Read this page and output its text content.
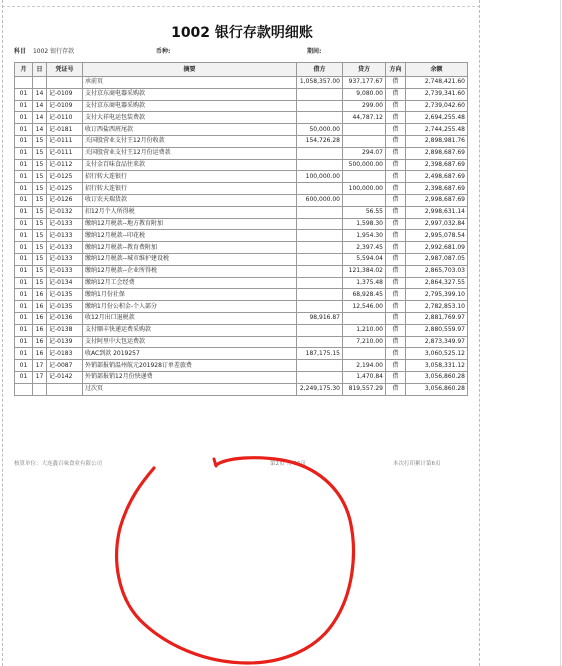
1002 银行存款明细账
科目 1002 银行存款	币种:	期间:
月	日	凭证号	摘要	借方	贷方	方向	余额
			承前页	1,058,357.00	937,177.67	借	2,748,421.60
01	14	记-0109	支付京东商电器采购款		9,080.00	借	2,739,341.60
01	14	记-0109	支付京东商电器采购款		299.00	借	2,739,042.60
01	14	记-0110	支付大祥电运包装费款		44,787.12	借	2,694,255.48
01	14	记-0181	收订西盐西班尾款	50,000.00		借	2,744,255.48
01	15	记-0111	关国股营业支付王12月份收款	154,726.28		借	2,898,981.76
01	15	记-0111	关国股营业支付王12月份运费款		294.07	借	2,898,687.69
01	15	记-0112	支付金百味食品往来款		500,000.00	借	2,398,687.69
01	15	记-0125	招行转大连银行	100,000.00		借	2,498,687.69
01	15	记-0125	招行转大连银行		100,000.00	借	2,398,687.69
01	15	记-0126	收订农天瑞货款	600,000.00		借	2,998,687.69
01	15	记-0132	扣12月个人所得税		56.55	借	2,998,631.14
01	15	记-0133	缴纳12月税款--地方教育附加		1,598.30	借	2,997,032.84
01	15	记-0133	缴纳12月税款--印花税		1,954.30	借	2,995,078.54
01	15	记-0133	缴纳12月税款--教育费附加		2,397.45	借	2,992,681.09
01	15	记-0133	缴纳12月税款--城市维护建设税		5,594.04	借	2,987,087.05
01	15	记-0133	缴纳12月税款--企业所得税		121,384.02	借	2,865,703.03
01	15	记-0134	缴纳12月工会经费		1,375.48	借	2,864,327.55
01	16	记-0135	缴纳1月份社保		68,928.45	借	2,795,399.10
01	16	记-0135	缴纳1月份公积金-个人部分		12,546.00	借	2,782,853.10
01	16	记-0136	收12月出口退税款	98,916.87		借	2,881,769.97
01	16	记-0138	支付顺丰快递运费采购款		1,210.00	借	2,880,559.97
01	16	记-0139	支付阿里中大包运费款		7,210.00	借	2,873,349.97
01	16	记-0183	收AC到款 2019257	187,175.15		借	3,060,525.12
01	17	记-0087	外销部报销温州航元201928订单差旅费		2,194.00	借	3,058,331.12
01	17	记-0142	外销部报销12月份快递费		1,470.84	借	3,056,860.28
			过次页	2,249,175.30	819,557.29	借	3,056,860.28
核算单位：大连鑫百味食业有限公司	第2页 共 16页	本次打印累计第6页
